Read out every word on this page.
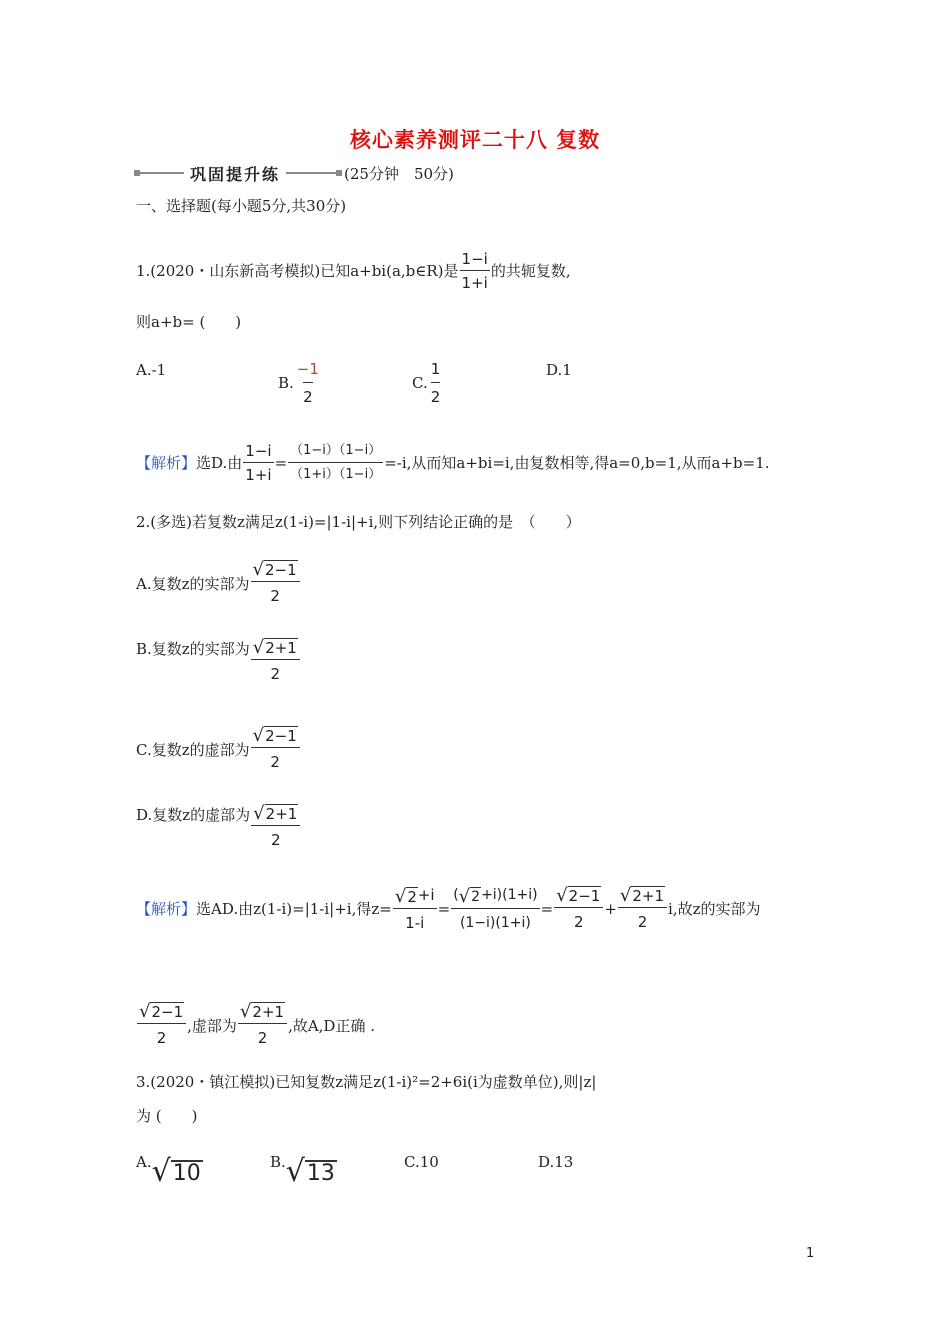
核心素养测评二十八 复数
巩固提升练	(25分钟　50分)
一、选择题(每小题5分,共30分)
1.(2020・山东新高考模拟)已知a+bi(a,b∈R)是 $\frac{1-i}{1+i}$ 的共轭复数,
则a+b= (　　)
A.-1
B. $\frac{-1}{2}$	C. $\frac{1}{2}$	D.1
【解析】 选D.由 $\frac{1-i}{1+i} = \frac{(1-i)(1-i)}{(1+i)(1-i)} =-i$,从而知a+bi=i,由复数相等,得a=0,b=1,从而a+b=1.
2.(多选)若复数z满足z(1-i)=|1-i|+i,则下列结论正确的是　（　　）
A.复数z的实部为 $\frac{√ 2-1}{2}$
B.复数z的实部为 $\frac{√ 2+1}{2}$
C.复数z的虚部为 $\frac{√ 2-1}{2}$
D.复数z的虚部为 $\frac{√ 2+1}{2}$
【解析】 选AD.由z(1-i)=|1-i|+i,得$z= \frac{√ 2 +i}{1-i} = \frac{( √ 2 +i)(1+i)}{(1-i)(1+i)} = \frac{√ 2-1}{2} + \frac{√ 2+1}{2} i$,故z的实部为
$\frac{√ 2-1}{2}$ ,虚部为 $\frac{√ 2+1}{2}$ ,故A,D正确 .
3.(2020・镇江模拟)已知复数z满足z(1-i)²=2+6i(i为虚数单位),则|z|
为 (　　)
A. √ 10	B. √ 13	C.10	D.13
1
